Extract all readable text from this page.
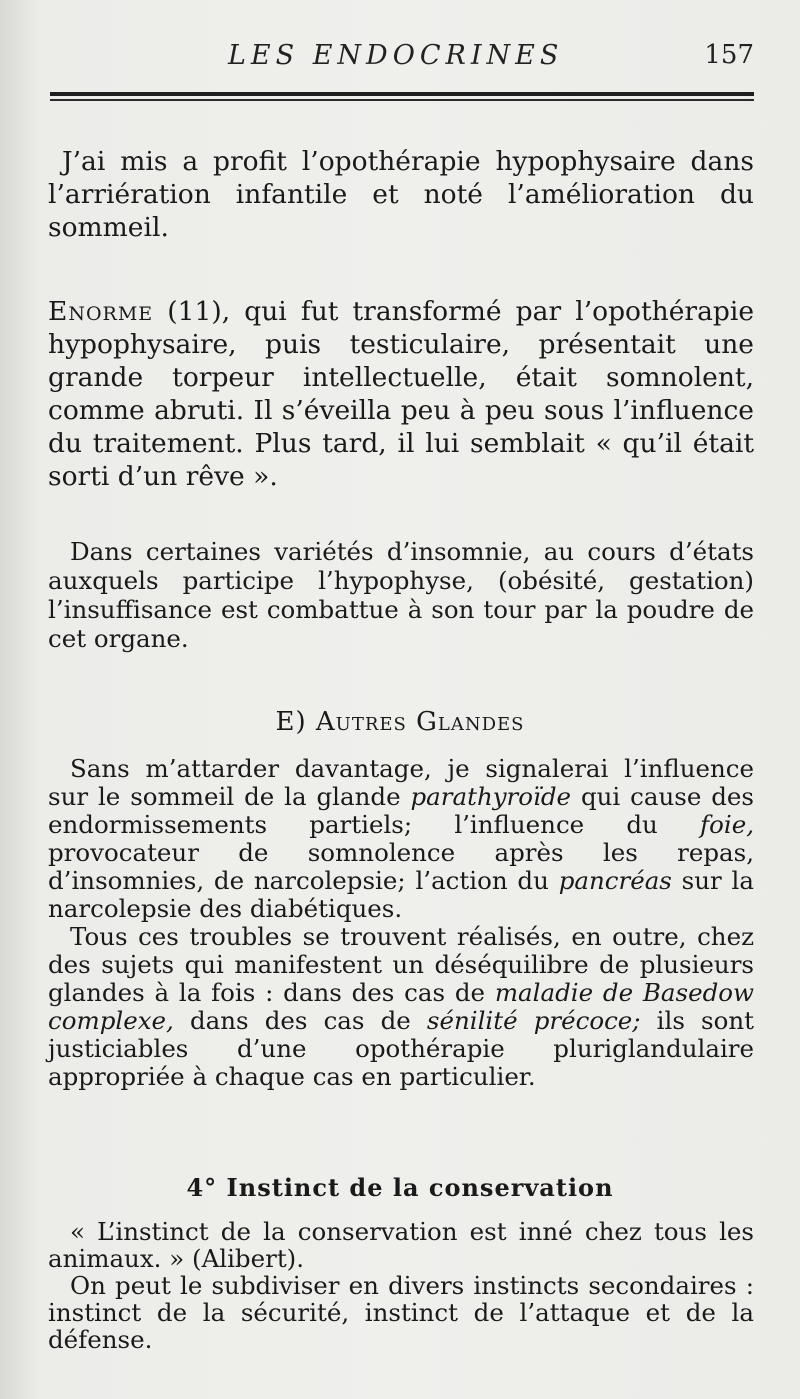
LES ENDOCRINES	157

J’ai mis a profit l’opothérapie hypophysaire dans l’arriération infantile et noté l’amélioration du sommeil.

Enorme (11), qui fut transformé par l’opothérapie hypophysaire, puis testiculaire, présentait une grande torpeur intellectuelle, était somnolent, comme abruti. Il s’éveilla peu à peu sous l’influence du traitement. Plus tard, il lui semblait « qu’il était sorti d’un rêve ».

Dans certaines variétés d’insomnie, au cours d’états auxquels participe l’hypophyse, (obésité, gestation) l’insuffisance est combattue à son tour par la poudre de cet organe.

E) Autres Glandes

Sans m’attarder davantage, je signalerai l’influence sur le sommeil de la glande parathyroïde qui cause des endormissements partiels; l’influence du foie, provocateur de somnolence après les repas, d’insomnies, de narcolepsie; l’action du pancréas sur la narcolepsie des diabétiques.

Tous ces troubles se trouvent réalisés, en outre, chez des sujets qui manifestent un déséquilibre de plusieurs glandes à la fois : dans des cas de maladie de Basedow complexe, dans des cas de sénilité précoce; ils sont justiciables d’une opothérapie pluriglandulaire appropriée à chaque cas en particulier.

4° Instinct de la conservation

« L’instinct de la conservation est inné chez tous les animaux. » (Alibert).

On peut le subdiviser en divers instincts secondaires : instinct de la sécurité, instinct de l’attaque et de la défense.
